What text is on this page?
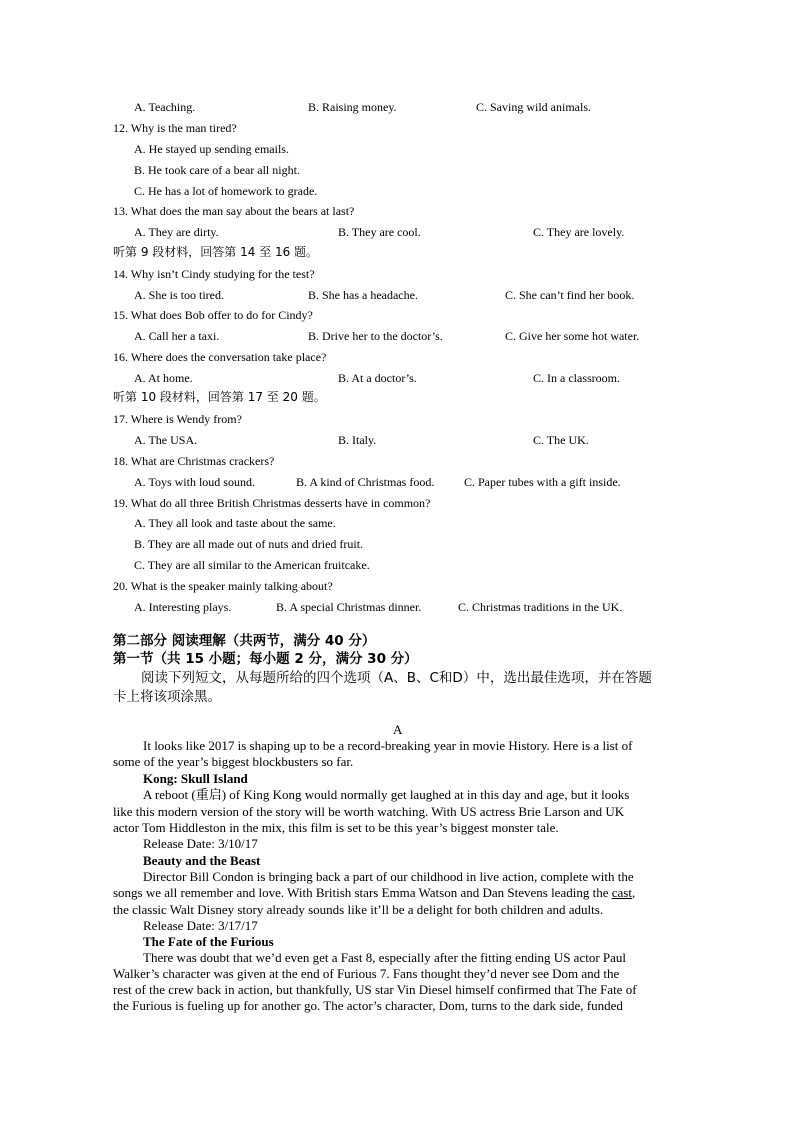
A. Teaching.	B. Raising money.	C. Saving wild animals.
12. Why is the man tired?
A. He stayed up sending emails.
B. He took care of a bear all night.
C. He has a lot of homework to grade.
13. What does the man say about the bears at last?
A. They are dirty.	B. They are cool.	C. They are lovely.
听第 9 段材料，回答第 14 至 16 题。
14. Why isn’t Cindy studying for the test?
A. She is too tired.	B. She has a headache.	C. She can’t find her book.
15. What does Bob offer to do for Cindy?
A. Call her a taxi.	B. Drive her to the doctor’s.	C. Give her some hot water.
16. Where does the conversation take place?
A. At home.	B. At a doctor’s.	C. In a classroom.
听第 10 段材料，回答第 17 至 20 题。
17. Where is Wendy from?
A. The USA.	B. Italy.	C. The UK.
18. What are Christmas crackers?
A. Toys with loud sound.	B. A kind of Christmas food. C. Paper tubes with a gift inside.
19. What do all three British Christmas desserts have in common?
A. They all look and taste about the same.
B. They are all made out of nuts and dried fruit.
C. They are all similar to the American fruitcake.
20. What is the speaker mainly talking about?
A. Interesting plays.	B. A special Christmas dinner.	C. Christmas traditions in the UK.
第二部分 阅读理解（共两节，满分 40 分）
第一节（共 15 小题；每小题 2 分，满分 30 分）
阅读下列短文，从每题所给的四个选项（A、B、C和D）中，选出最佳选项，并在答题
卡上将该项涂黑。
A
It looks like 2017 is shaping up to be a record-breaking year in movie History. Here is a list of
some of the year’s biggest blockbusters so far.
Kong: Skull Island
A reboot (重启) of King Kong would normally get laughed at in this day and age, but it looks
like this modern version of the story will be worth watching. With US actress Brie Larson and UK
actor Tom Hiddleston in the mix, this film is set to be this year’s biggest monster tale.
Release Date: 3/10/17
Beauty and the Beast
Director Bill Condon is bringing back a part of our childhood in live action, complete with the
songs we all remember and love. With British stars Emma Watson and Dan Stevens leading the cast,
the classic Walt Disney story already sounds like it’ll be a delight for both children and adults.
Release Date: 3/17/17
The Fate of the Furious
There was doubt that we’d even get a Fast 8, especially after the fitting ending US actor Paul
Walker’s character was given at the end of Furious 7. Fans thought they’d never see Dom and the
rest of the crew back in action, but thankfully, US star Vin Diesel himself confirmed that The Fate of
the Furious is fueling up for another go. The actor’s character, Dom, turns to the dark side, funded
